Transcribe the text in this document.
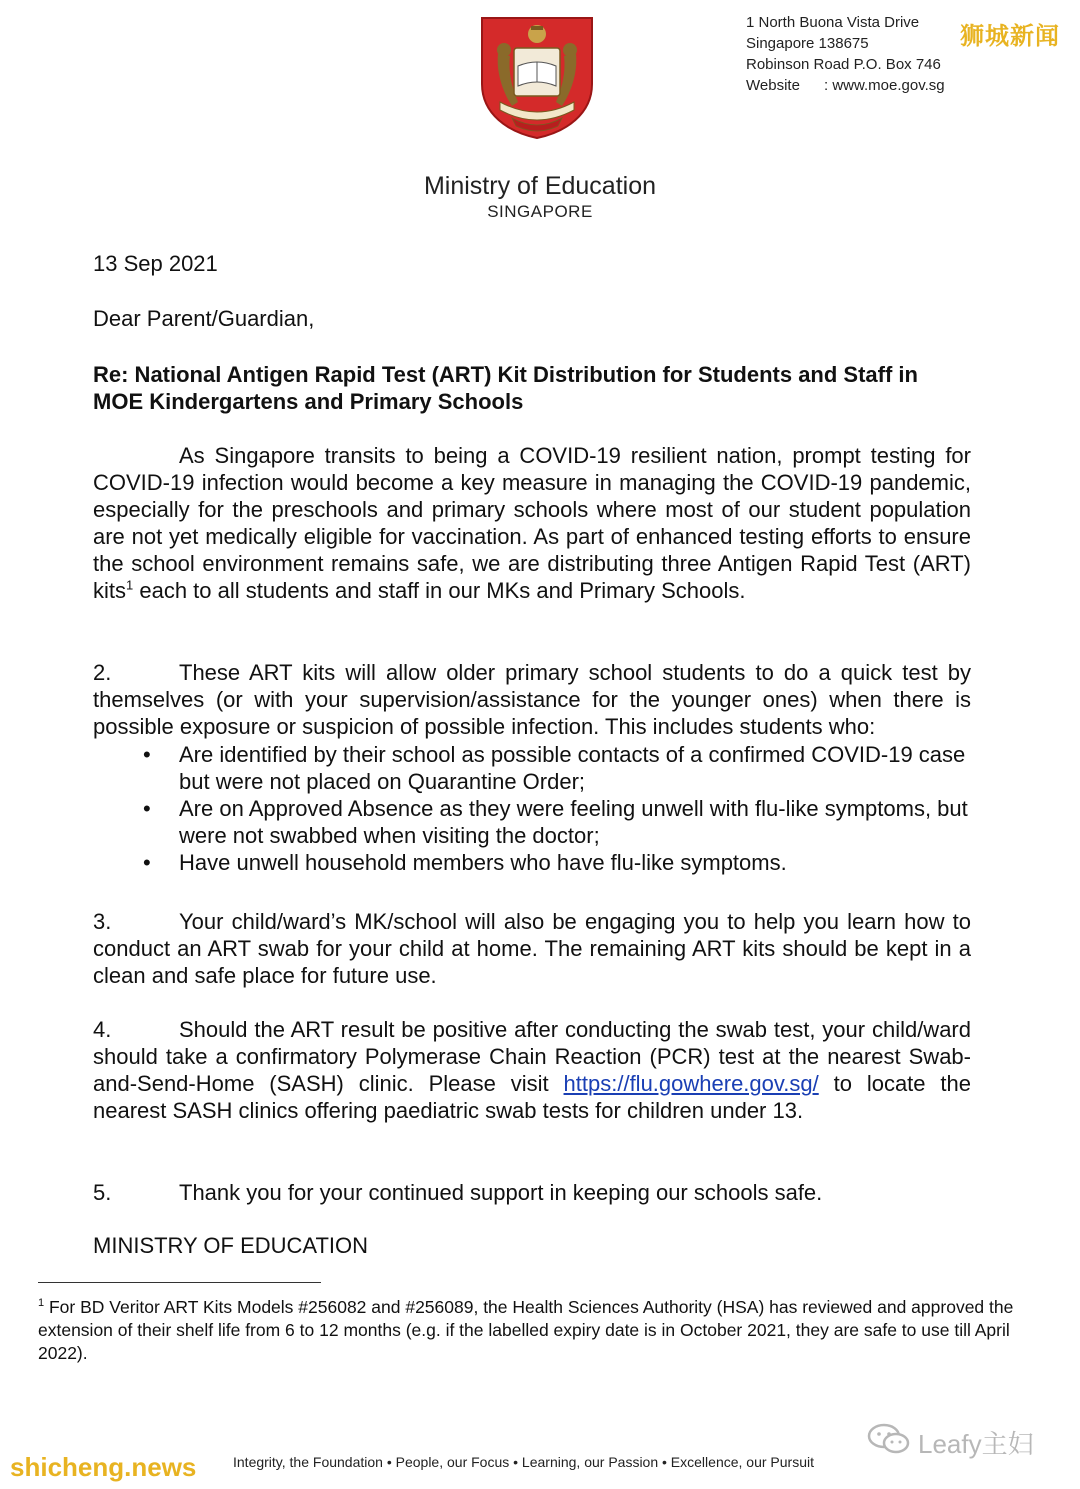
1 North Buona Vista Drive
Singapore 138675
Robinson Road P.O. Box 746
Website : www.moe.gov.sg
狮城新闻
Ministry of Education
SINGAPORE
13 Sep 2021
Dear Parent/Guardian,
Re: National Antigen Rapid Test (ART) Kit Distribution for Students and Staff in MOE Kindergartens and Primary Schools
As Singapore transits to being a COVID-19 resilient nation, prompt testing for COVID-19 infection would become a key measure in managing the COVID-19 pandemic, especially for the preschools and primary schools where most of our student population are not yet medically eligible for vaccination. As part of enhanced testing efforts to ensure the school environment remains safe, we are distributing three Antigen Rapid Test (ART) kits$^1$ each to all students and staff in our MKs and Primary Schools.
2.	These ART kits will allow older primary school students to do a quick test by themselves (or with your supervision/assistance for the younger ones) when there is possible exposure or suspicion of possible infection. This includes students who:
• Are identified by their school as possible contacts of a confirmed COVID-19 case but were not placed on Quarantine Order;
• Are on Approved Absence as they were feeling unwell with flu-like symptoms, but were not swabbed when visiting the doctor;
• Have unwell household members who have flu-like symptoms.
3.	Your child/ward’s MK/school will also be engaging you to help you learn how to conduct an ART swab for your child at home. The remaining ART kits should be kept in a clean and safe place for future use.
4.	Should the ART result be positive after conducting the swab test, your child/ward should take a confirmatory Polymerase Chain Reaction (PCR) test at the nearest Swab-and-Send-Home (SASH) clinic. Please visit https://flu.gowhere.gov.sg/ to locate the nearest SASH clinics offering paediatric swab tests for children under 13.
5.	Thank you for your continued support in keeping our schools safe.
MINISTRY OF EDUCATION
$^1$ For BD Veritor ART Kits Models #256082 and #256089, the Health Sciences Authority (HSA) has reviewed and approved the extension of their shelf life from 6 to 12 months (e.g. if the labelled expiry date is in October 2021, they are safe to use till April 2022).
shicheng.news	Integrity, the Foundation • People, our Focus • Learning, our Passion • Excellence, our Pursuit
Leafy主妇
